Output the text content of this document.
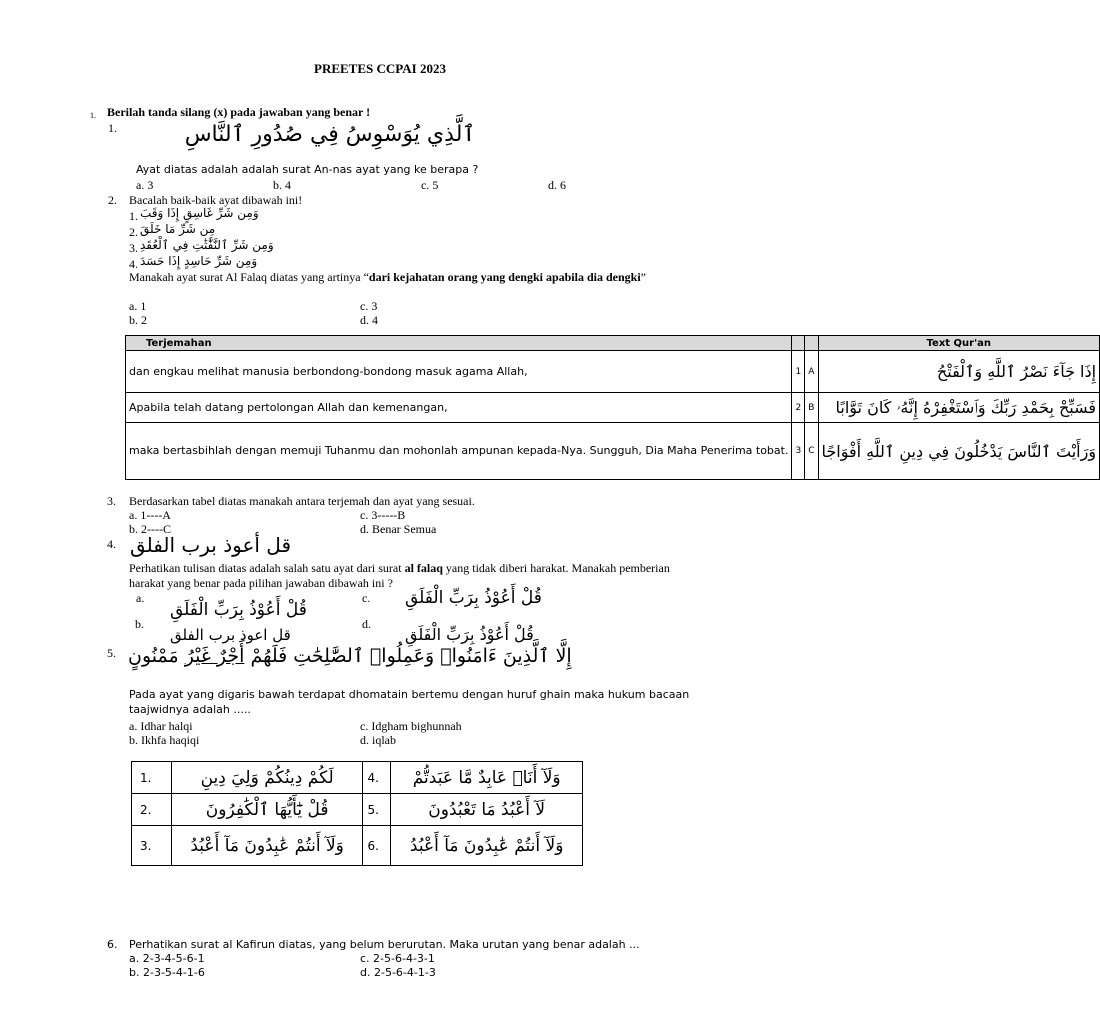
PREETES CCPAI 2023
1. Berilah tanda silang (x) pada jawaban yang benar !
1.	ٱلَّذِي يُوَسْوِسُ فِي صُدُورِ ٱلنَّاسِ
Ayat diatas adalah adalah surat An-nas ayat yang ke berapa ?
a. 3	b. 4	c. 5	d. 6
2. Bacalah baik-baik ayat dibawah ini!
1. وَمِن شَرِّ غَاسِقٍ إِذَا وَقَبَ
2. مِن شَرِّ مَا خَلَقَ
3. وَمِن شَرِّ ٱلنَّفَّٰثَٰتِ فِي ٱلْعُقَدِ
4. وَمِن شَرِّ حَاسِدٍ إِذَا حَسَدَ
Manakah ayat surat Al Falaq diatas yang artinya “dari kejahatan orang yang dengki apabila dia dengki”
a. 1	c. 3
b. 2	d. 4
Terjemahan			Text Qur'an
dan engkau melihat manusia berbondong-bondong masuk agama Allah,	1	A	إِذَا جَآءَ نَصْرُ ٱللَّهِ وَٱلْفَتْحُ
Apabila telah datang pertolongan Allah dan kemenangan,	2	B	فَسَبِّحْ بِحَمْدِ رَبِّكَ وَٱسْتَغْفِرْهُ إِنَّهُۥ كَانَ تَوَّابًا
maka bertasbihlah dengan memuji Tuhanmu dan mohonlah ampunan kepada-Nya. Sungguh, Dia Maha Penerima tobat.	3	C	وَرَأَيْتَ ٱلنَّاسَ يَدْخُلُونَ فِي دِينِ ٱللَّهِ أَفْوَاجًا
3. Berdasarkan tabel diatas manakah antara terjemah dan ayat yang sesuai.
a. 1----A	c. 3-----B
b. 2----C	d. Benar Semua
4. قل أعوذ برب الفلق
Perhatikan tulisan diatas adalah salah satu ayat dari surat al falaq yang tidak diberi harakat. Manakah pemberian harakat yang benar pada pilihan jawaban dibawah ini ?
a.	c. قُلْ أَعُوْذُ بِرَبِّ الْفَلَقِ
b.
قُلْ أَعُوْذُ بِرَبِّ الْفَلَقِ
d.
قُلْ أَعُوْذُ بِرَبِّ الْفَلَقِ
قل اعوذ برب الفلق
5.	إِلَّا ٱلَّذِينَ ءَامَنُوا۟ وَعَمِلُوا۟ ٱلصَّٰلِحَٰتِ فَلَهُمْ أَجْرٌ غَيْرُ مَمْنُونٍ
Pada ayat yang digaris bawah terdapat dhomatain bertemu dengan huruf ghain maka hukum bacaan taajwidnya adalah .....
a. Idhar halqi	c. Idgham bighunnah
b. Ikhfa haqiqi	d. iqlab
1.	لَكُمْ دِينُكُمْ وَلِيَ دِينِ	4.	وَلَآ أَنَا۠ عَابِدٌ مَّا عَبَدتُّمْ
2.	قُلْ يَٰٓأَيُّهَا ٱلْكَٰفِرُونَ	5.	لَآ أَعْبُدُ مَا تَعْبُدُونَ
3.	وَلَآ أَنتُمْ عَٰبِدُونَ مَآ أَعْبُدُ	6.	وَلَآ أَنتُمْ عَٰبِدُونَ مَآ أَعْبُدُ
6. Perhatikan surat al Kafirun diatas, yang belum berurutan. Maka urutan yang benar adalah ...
a. 2-3-4-5-6-1	c. 2-5-6-4-3-1
b. 2-3-5-4-1-6	d. 2-5-6-4-1-3
